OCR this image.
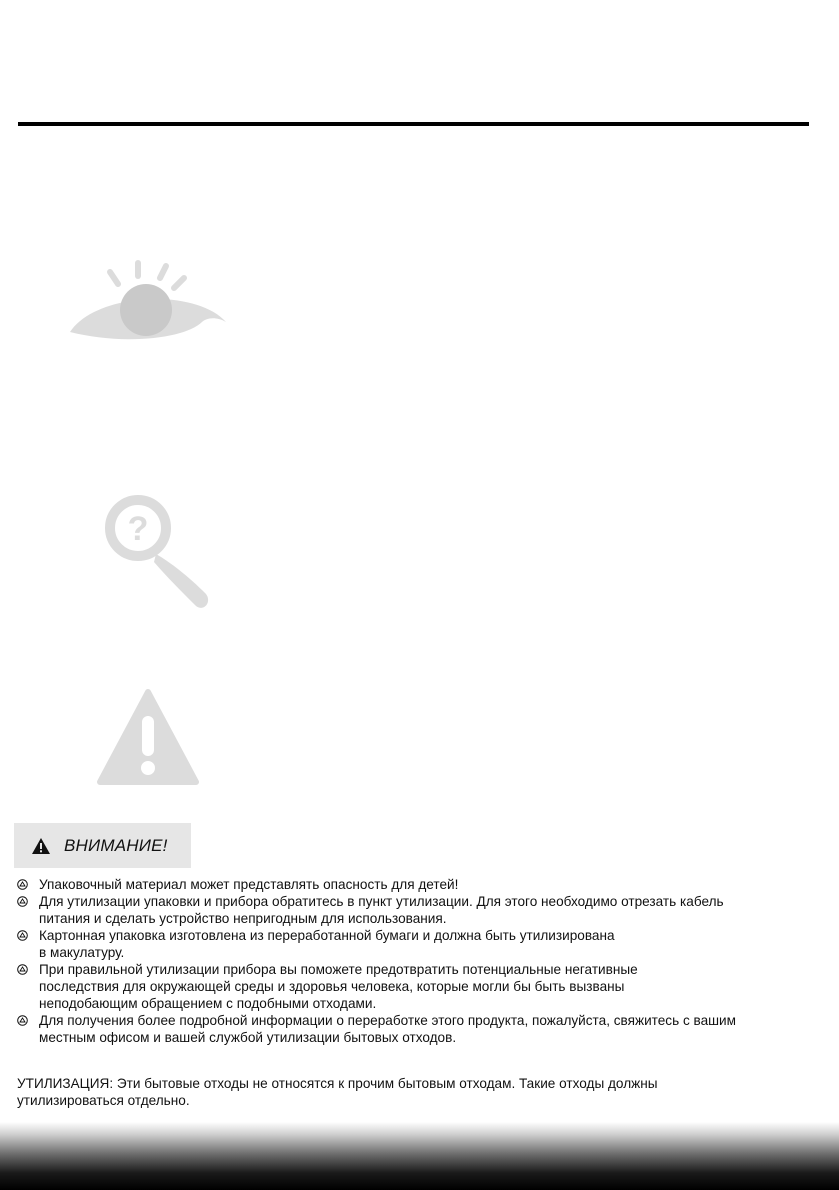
?
ВНИМАНИЕ!
Упаковочный материал может представлять опасность для детей!
Для утилизации упаковки и прибора обратитесь в пункт утилизации. Для этого необходимо отрезать кабель
питания и сделать устройство непригодным для использования.
Картонная упаковка изготовлена из переработанной бумаги и должна быть утилизирована
в макулатуру.
При правильной утилизации прибора вы поможете предотвратить потенциальные негативные
последствия для окружающей среды и здоровья человека, которые могли бы быть вызваны
неподобающим обращением с подобными отходами.
Для получения более подробной информации о переработке этого продукта, пожалуйста, свяжитесь с вашим
местным офисом и вашей службой утилизации бытовых отходов.

УТИЛИЗАЦИЯ: Эти бытовые отходы не относятся к прочим бытовым отходам. Такие отходы должны
утилизироваться отдельно.
